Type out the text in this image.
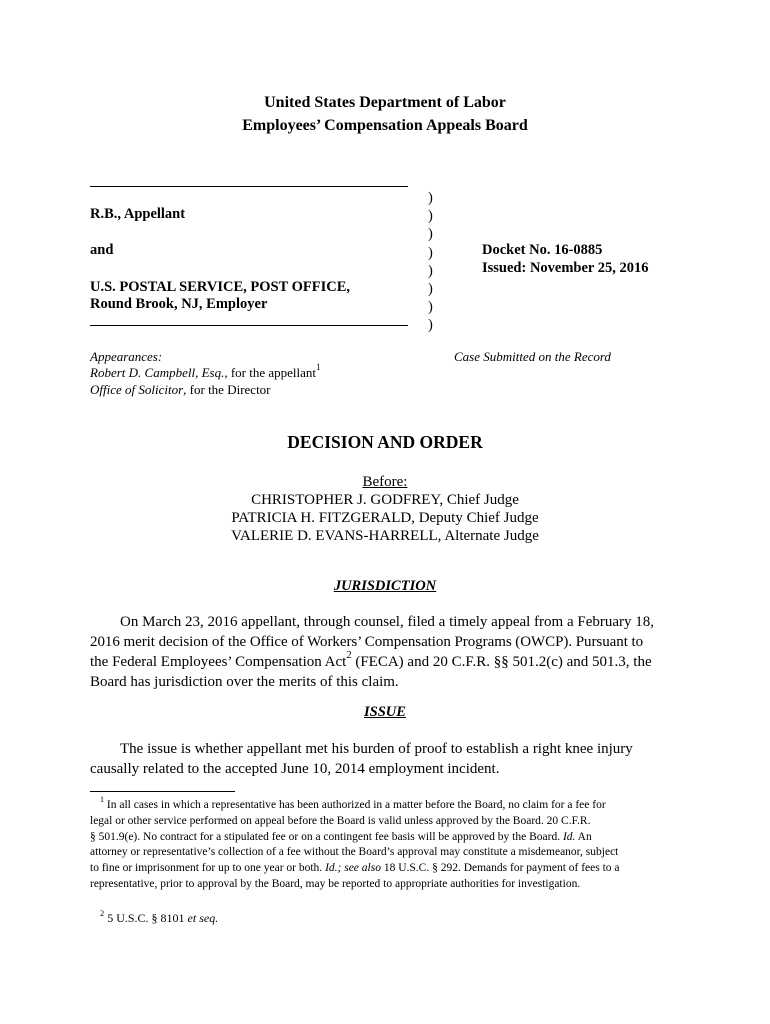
United States Department of Labor
Employees’ Compensation Appeals Board
R.B., Appellant
and
U.S. POSTAL SERVICE, POST OFFICE,
Round Brook, NJ, Employer
)
)
)
)
)
)
)
)
Docket No. 16-0885
Issued: November 25, 2016
Appearances:
Robert D. Campbell, Esq., for the appellant$^1$
Office of Solicitor, for the Director
Case Submitted on the Record
DECISION AND ORDER
Before:
CHRISTOPHER J. GODFREY, Chief Judge
PATRICIA H. FITZGERALD, Deputy Chief Judge
VALERIE D. EVANS-HARRELL, Alternate Judge
JURISDICTION
On March 23, 2016 appellant, through counsel, filed a timely appeal from a February 18,
2016 merit decision of the Office of Workers’ Compensation Programs (OWCP). Pursuant to
the Federal Employees’ Compensation Act$^2$ (FECA) and 20 C.F.R. §§ 501.2(c) and 501.3, the
Board has jurisdiction over the merits of this claim.
ISSUE
The issue is whether appellant met his burden of proof to establish a right knee injury
causally related to the accepted June 10, 2014 employment incident.
$^1$ In all cases in which a representative has been authorized in a matter before the Board, no claim for a fee for
legal or other service performed on appeal before the Board is valid unless approved by the Board. 20 C.F.R.
§ 501.9(e). No contract for a stipulated fee or on a contingent fee basis will be approved by the Board. Id. An
attorney or representative’s collection of a fee without the Board’s approval may constitute a misdemeanor, subject
to fine or imprisonment for up to one year or both. Id.; see also 18 U.S.C. § 292. Demands for payment of fees to a
representative, prior to approval by the Board, may be reported to appropriate authorities for investigation.
$^2$ 5 U.S.C. § 8101 et seq.
